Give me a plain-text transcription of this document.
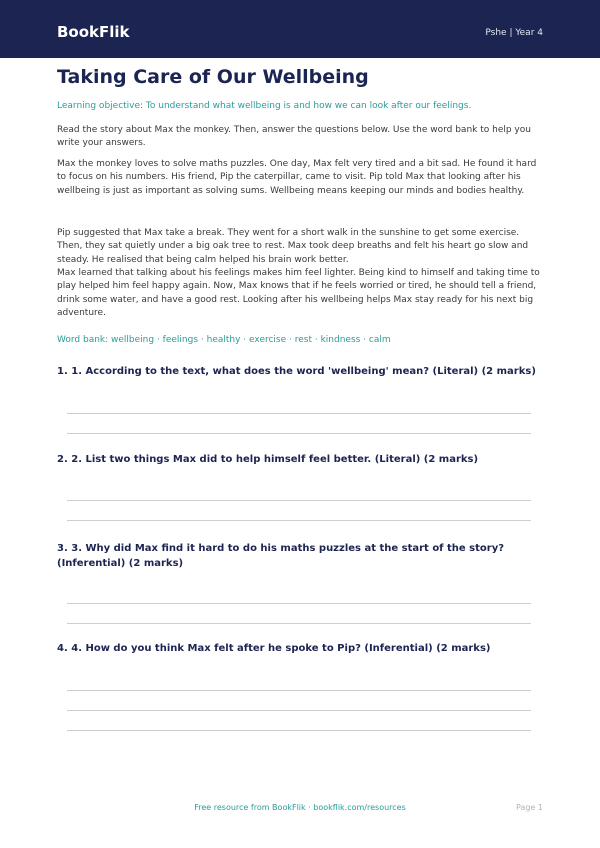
BookFlik	Pshe | Year 4
Taking Care of Our Wellbeing
Learning objective: To understand what wellbeing is and how we can look after our feelings.

Read the story about Max the monkey. Then, answer the questions below. Use the word bank to help you write your answers.

Max the monkey loves to solve maths puzzles. One day, Max felt very tired and a bit sad. He found it hard to focus on his numbers. His friend, Pip the caterpillar, came to visit. Pip told Max that looking after his wellbeing is just as important as solving sums. Wellbeing means keeping our minds and bodies healthy.

Pip suggested that Max take a break. They went for a short walk in the sunshine to get some exercise. Then, they sat quietly under a big oak tree to rest. Max took deep breaths and felt his heart go slow and steady. He realised that being calm helped his brain work better.

Max learned that talking about his feelings makes him feel lighter. Being kind to himself and taking time to play helped him feel happy again. Now, Max knows that if he feels worried or tired, he should tell a friend, drink some water, and have a good rest. Looking after his wellbeing helps Max stay ready for his next big adventure.

Word bank: wellbeing · feelings · healthy · exercise · rest · kindness · calm

1. 1. According to the text, what does the word 'wellbeing' mean? (Literal) (2 marks)

2. 2. List two things Max did to help himself feel better. (Literal) (2 marks)

3. 3. Why did Max find it hard to do his maths puzzles at the start of the story? (Inferential) (2 marks)

4. 4. How do you think Max felt after he spoke to Pip? (Inferential) (2 marks)

Free resource from BookFlik · bookflik.com/resources	Page 1
